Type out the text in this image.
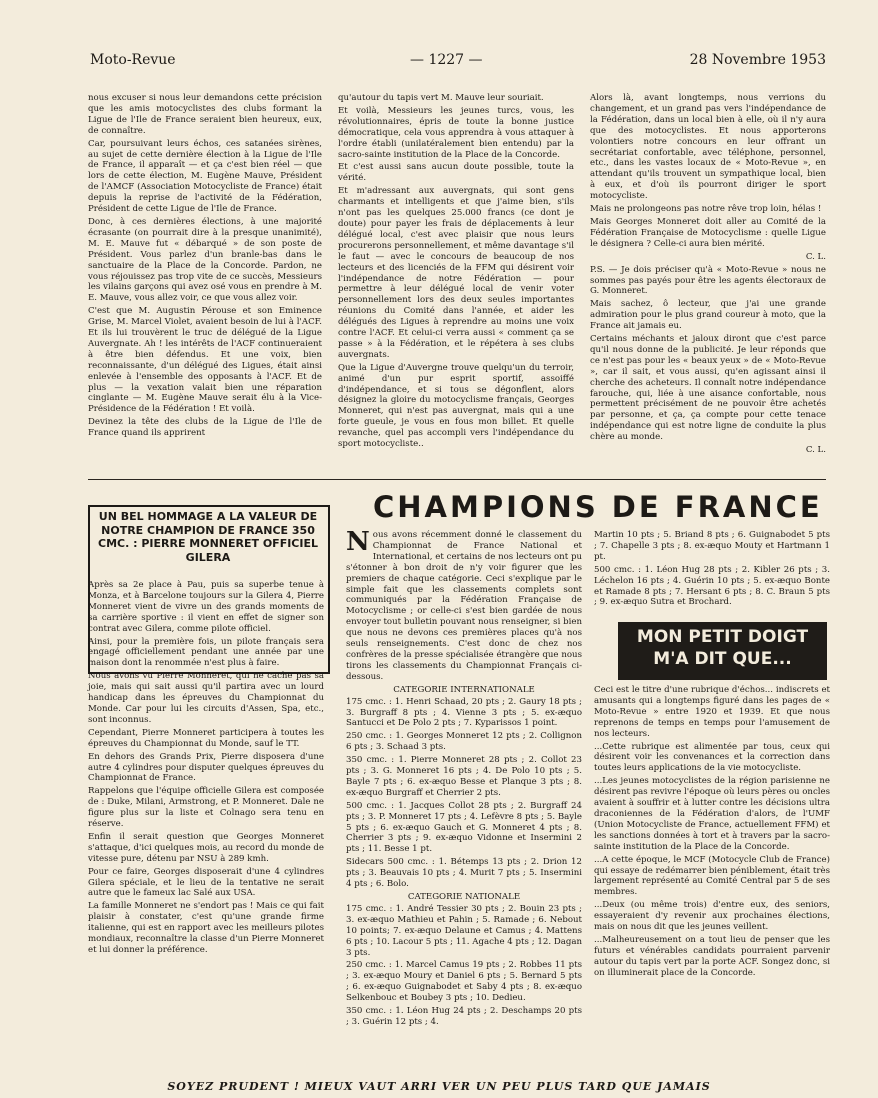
Moto-Revue	— 1227 —	28 Novembre 1953

nous excuser si nous leur demandons cette précision que les amis motocyclistes des clubs formant la Ligue de l'Ile de France seraient bien heureux, eux, de connaître.

Car, poursuivant leurs échos, ces satanées sirènes, au sujet de cette dernière élection à la Ligue de l'Ile de France, il apparaît — et ça c'est bien réel — que lors de cette élection, M. Eugène Mauve, Président de l'AMCF (Association Motocycliste de France) était depuis la reprise de l'activité de la Fédération, Président de cette Ligue de l'Ile de France.

Donc, à ces dernières élections, à une majorité écrasante (on pourrait dire à la presque unanimité), M. E. Mauve fut « débarqué » de son poste de Président. Vous parlez d'un branle-bas dans le sanctuaire de la Place de la Concorde. Pardon, ne vous réjouissez pas trop vite de ce succès, Messieurs les vilains garçons qui avez osé vous en prendre à M. E. Mauve, vous allez voir, ce que vous allez voir.

C'est que M. Augustin Pérouse et son Eminence Grise, M. Marcel Violet, avaient besoin de lui à l'ACF. Et ils lui trouvèrent le truc de délégué de la Ligue Auvergnate. Ah ! les intérêts de l'ACF continueraient à être bien défendus. Et une voix, bien reconnaissante, d'un délégué des Ligues, était ainsi enlevée à l'ensemble des opposants à l'ACF. Et de plus — la vexation valait bien une réparation cinglante — M. Eugène Mauve serait élu à la Vice-Présidence de la Fédération ! Et voilà.

Devinez la tête des clubs de la Ligue de l'Ile de France quand ils apprirent

qu'autour du tapis vert M. Mauve leur souriait.

Et voilà, Messieurs les jeunes turcs, vous, les révolutionnaires, épris de toute la bonne justice démocratique, cela vous apprendra à vous attaquer à l'ordre établi (unilatéralement bien entendu) par la sacro-sainte institution de la Place de la Concorde.

Et c'est aussi sans aucun doute possible, toute la vérité.

Et m'adressant aux auvergnats, qui sont gens charmants et intelligents et que j'aime bien, s'ils n'ont pas les quelques 25.000 francs (ce dont je doute) pour payer les frais de déplacements à leur délégué local, c'est avec plaisir que nous leurs procurerons personnellement, et même davantage s'il le faut — avec le concours de beaucoup de nos lecteurs et des licenciés de la FFM qui désirent voir l'indépendance de notre Fédération — pour permettre à leur délégué local de venir voter personnellement lors des deux seules importantes réunions du Comité dans l'année, et aider les délégués des Ligues à reprendre au moins une voix contre l'ACF. Et celui-ci verra aussi « comment ça se passe » à la Fédération, et le répétera à ses clubs auvergnats.

Que la Ligue d'Auvergne trouve quelqu'un du terroir, animé d'un pur esprit sportif, assoiffé d'indépendance, et si tous se dégonflent, alors désignez la gloire du motocyclisme français, Georges Monneret, qui n'est pas auvergnat, mais qui a une forte gueule, je vous en fous mon billet. Et quelle revanche, quel pas accompli vers l'indépendance du sport motocycliste..

Alors là, avant longtemps, nous verrions du changement, et un grand pas vers l'indépendance de la Fédération, dans un local bien à elle, où il n'y aura que des motocyclistes. Et nous apporterons volontiers notre concours en leur offrant un secrétariat confortable, avec téléphone, personnel, etc., dans les vastes locaux de « Moto-Revue », en attendant qu'ils trouvent un sympathique local, bien à eux, et d'où ils pourront diriger le sport motocycliste.

Mais ne prolongeons pas notre rêve trop loin, hélas !

Mais Georges Monneret doit aller au Comité de la Fédération Française de Motocyclisme : quelle Ligue le désignera ? Celle-ci aura bien mérité.

C. L.

P.S. — Je dois préciser qu'à « Moto-Revue » nous ne sommes pas payés pour être les agents électoraux de G. Monneret.

Mais sachez, ô lecteur, que j'ai une grande admiration pour le plus grand coureur à moto, que la France ait jamais eu.

Certains méchants et jaloux diront que c'est parce qu'il nous donne de la publicité. Je leur réponds que ce n'est pas pour les « beaux yeux » de « Moto-Revue », car il sait, et vous aussi, qu'en agissant ainsi il cherche des acheteurs. Il connaît notre indépendance farouche, qui, liée à une aisance confortable, nous permettent précisément de ne pouvoir être achetés par personne, et ça, ça compte pour cette tenace indépendance qui est notre ligne de conduite la plus chère au monde.

C. L.

UN BEL HOMMAGE A LA VALEUR DE NOTRE CHAMPION DE FRANCE 350 CMC. : PIERRE MONNERET OFFICIEL GILERA

Après sa 2e place à Pau, puis sa superbe tenue à Monza, et à Barcelone toujours sur la Gilera 4, Pierre Monneret vient de vivre un des grands moments de sa carrière sportive : il vient en effet de signer son contrat avec Gilera, comme pilote officiel.

Ainsi, pour la première fois, un pilote français sera engagé officiellement pendant une année par une maison dont la renommée n'est plus à faire.

Nous avons vu Pierre Monneret, qui ne cache pas sa joie, mais qui sait aussi qu'il partira avec un lourd handicap dans les épreuves du Championnat du Monde. Car pour lui les circuits d'Assen, Spa, etc., sont inconnus.

Cependant, Pierre Monneret participera à toutes les épreuves du Championnat du Monde, sauf le TT.

En dehors des Grands Prix, Pierre disposera d'une autre 4 cylindres pour disputer quelques épreuves du Championnat de France.

Rappelons que l'équipe officielle Gilera est composée de : Duke, Milani, Armstrong, et P. Monneret. Dale ne figure plus sur la liste et Colnago sera tenu en réserve.

Enfin il serait question que Georges Monneret s'attaque, d'ici quelques mois, au record du monde de vitesse pure, détenu par NSU à 289 kmh.

Pour ce faire, Georges disposerait d'une 4 cylindres Gilera spéciale, et le lieu de la tentative ne serait autre que le fameux lac Salé aux USA.

La famille Monneret ne s'endort pas ! Mais ce qui fait plaisir à constater, c'est qu'une grande firme italienne, qui est en rapport avec les meilleurs pilotes mondiaux, reconnaître la classe d'un Pierre Monneret et lui donner la préférence.

CHAMPIONS DE FRANCE

Nous avons récemment donné le classement du Championnat de France National et International, et certains de nos lecteurs ont pu s'étonner à bon droit de n'y voir figurer que les premiers de chaque catégorie. Ceci s'explique par le simple fait que les classements complets sont communiqués par la Fédération Française de Motocyclisme ; or celle-ci s'est bien gardée de nous envoyer tout bulletin pouvant nous renseigner, si bien que nous ne devons ces premières places qu'à nos seuls renseignements. C'est donc de chez nos confrères de la presse spécialisée étrangère que nous tirons les classements du Championnat Français ci-dessous.

CATEGORIE INTERNATIONALE

175 cmc. : 1. Henri Schaad, 20 pts ; 2. Gaury 18 pts ; 3. Burgraff 8 pts ; 4. Vienne 3 pts ; 5. ex-æquo Santucci et De Polo 2 pts ; 7. Kyparissos 1 point.

250 cmc. : 1. Georges Monneret 12 pts ; 2. Collignon 6 pts ; 3. Schaad 3 pts.

350 cmc. : 1. Pierre Monneret 28 pts ; 2. Collot 23 pts ; 3. G. Monneret 16 pts ; 4. De Polo 10 pts ; 5. Bayle 7 pts ; 6. ex-æquo Besse et Planque 3 pts ; 8. ex-æquo Burgraff et Cherrier 2 pts.

500 cmc. : 1. Jacques Collot 28 pts ; 2. Burgraff 24 pts ; 3. P. Monneret 17 pts ; 4. Lefèvre 8 pts ; 5. Bayle 5 pts ; 6. ex-æquo Gauch et G. Monneret 4 pts ; 8. Cherrier 3 pts ; 9. ex-æquo Vidonne et Insermini 2 pts ; 11. Besse 1 pt.

Sidecars 500 cmc. : 1. Bétemps 13 pts ; 2. Drion 12 pts ; 3. Beauvais 10 pts ; 4. Murit 7 pts ; 5. Insermini 4 pts ; 6. Bolo.

CATEGORIE NATIONALE

175 cmc. : 1. André Tessier 30 pts ; 2. Bouin 23 pts ; 3. ex-æquo Mathieu et Pahin ; 5. Ramade ; 6. Nebout 10 points; 7. ex-æquo Delaune et Camus ; 4. Mattens 6 pts ; 10. Lacour 5 pts ; 11. Agache 4 pts ; 12. Dagan 3 pts.

250 cmc. : 1. Marcel Camus 19 pts ; 2. Robbes 11 pts ; 3. ex-æquo Moury et Daniel 6 pts ; 5. Bernard 5 pts ; 6. ex-æquo Guignabodet et Saby 4 pts ; 8. ex-æquo Selkenbouc et Boubey 3 pts ; 10. Dedieu.

350 cmc. : 1. Léon Hug 24 pts ; 2. Deschamps 20 pts ; 3. Guérin 12 pts ; 4.

Martin 10 pts ; 5. Briand 8 pts ; 6. Guignabodet 5 pts ; 7. Chapelle 3 pts ; 8. ex-æquo Mouty et Hartmann 1 pt.

500 cmc. : 1. Léon Hug 28 pts ; 2. Kibler 26 pts ; 3. Léchelon 16 pts ; 4. Guérin 10 pts ; 5. ex-æquo Bonte et Ramade 8 pts ; 7. Hersant 6 pts ; 8. C. Braun 5 pts ; 9. ex-æquo Sutra et Brochard.

MON PETIT DOIGT
M'A DIT QUE...

Ceci est le titre d'une rubrique d'échos... indiscrets et amusants qui a longtemps figuré dans les pages de « Moto-Revue » entre 1920 et 1939. Et que nous reprenons de temps en temps pour l'amusement de nos lecteurs.

...Cette rubrique est alimentée par tous, ceux qui désirent voir les convenances et la correction dans toutes leurs applications de la vie motocycliste.

...Les jeunes motocyclistes de la région parisienne ne désirent pas revivre l'époque où leurs pères ou oncles avaient à souffrir et à lutter contre les décisions ultra draconiennes de la Fédération d'alors, de l'UMF (Union Motocycliste de France, actuellement FFM) et les sanctions données à tort et à travers par la sacro-sainte institution de la Place de la Concorde.

...A cette époque, le MCF (Motocycle Club de France) qui essaye de redémarrer bien péniblement, était très largement représenté au Comité Central par 5 de ses membres.

...Deux (ou même trois) d'entre eux, des seniors, essayeraient d'y revenir aux prochaines élections, mais on nous dit que les jeunes veillent.

...Malheureusement on a tout lieu de penser que les futurs et vénérables candidats pourraient parvenir autour du tapis vert par la porte ACF. Songez donc, si on illuminerait place de la Concorde.

SOYEZ PRUDENT ! MIEUX VAUT ARRI VER UN PEU PLUS TARD QUE JAMAIS
